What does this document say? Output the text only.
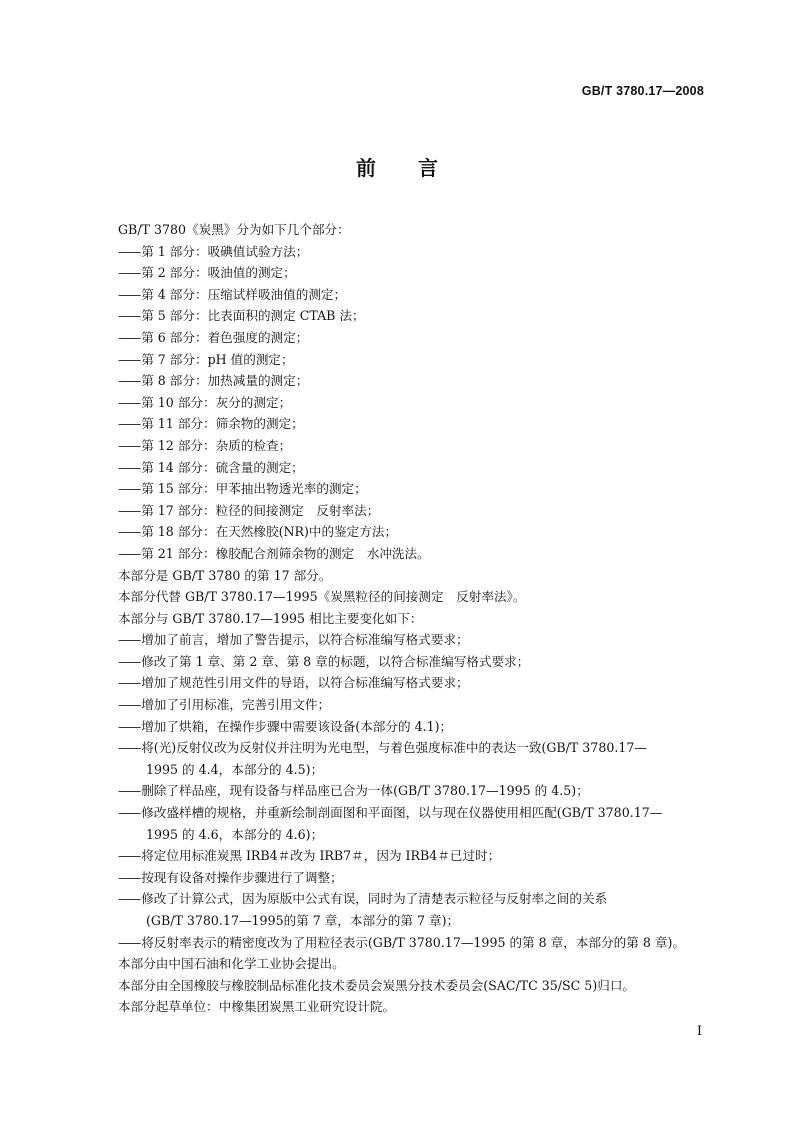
GB/T 3780.17—2008
前言
GB/T 3780《炭黑》分为如下几个部分：
—— 第 1 部分：吸碘值试验方法；
—— 第 2 部分：吸油值的测定；
—— 第 4 部分：压缩试样吸油值的测定；
—— 第 5 部分：比表面积的测定 CTAB 法；
—— 第 6 部分：着色强度的测定；
—— 第 7 部分：pH 值的测定；
—— 第 8 部分：加热减量的测定；
—— 第 10 部分：灰分的测定；
—— 第 11 部分：筛余物的测定；
—— 第 12 部分：杂质的检查；
—— 第 14 部分：硫含量的测定；
—— 第 15 部分：甲苯抽出物透光率的测定；
—— 第 17 部分：粒径的间接测定　反射率法；
—— 第 18 部分：在天然橡胶(NR)中的鉴定方法；
—— 第 21 部分：橡胶配合剂筛余物的测定　水冲洗法。
本部分是 GB/T 3780 的第 17 部分。
本部分代替 GB/T 3780.17—1995《炭黑粒径的间接测定　反射率法》。
本部分与 GB/T 3780.17—1995 相比主要变化如下：
—— 增加了前言，增加了警告提示，以符合标准编写格式要求；
—— 修改了第 1 章、第 2 章、第 8 章的标题，以符合标准编写格式要求；
—— 增加了规范性引用文件的导语，以符合标准编写格式要求；
—— 增加了引用标准，完善引用文件；
—— 增加了烘箱，在操作步骤中需要该设备(本部分的 4.1)；
—— 将(光)反射仪改为反射仪并注明为光电型，与着色强度标准中的表达一致(GB/T 3780.17—
1995 的 4.4，本部分的 4.5)；
—— 删除了样品座，现有设备与样品座已合为一体(GB/T 3780.17—1995 的 4.5)；
—— 修改盛样槽的规格，并重新绘制剖面图和平面图，以与现在仪器使用相匹配(GB/T 3780.17—
1995 的 4.6，本部分的 4.6)；
—— 将定位用标准炭黑 IRB4＃改为 IRB7＃，因为 IRB4＃已过时；
—— 按现有设备对操作步骤进行了调整；
—— 修改了计算公式，因为原版中公式有误，同时为了清楚表示粒径与反射率之间的关系
(GB/T 3780.17—1995的第 7 章，本部分的第 7 章)；
—— 将反射率表示的精密度改为了用粒径表示(GB/T 3780.17—1995 的第 8 章，本部分的第 8 章)。
本部分由中国石油和化学工业协会提出。
本部分由全国橡胶与橡胶制品标准化技术委员会炭黑分技术委员会(SAC/TC 35/SC 5)归口。
本部分起草单位：中橡集团炭黑工业研究设计院。
I
